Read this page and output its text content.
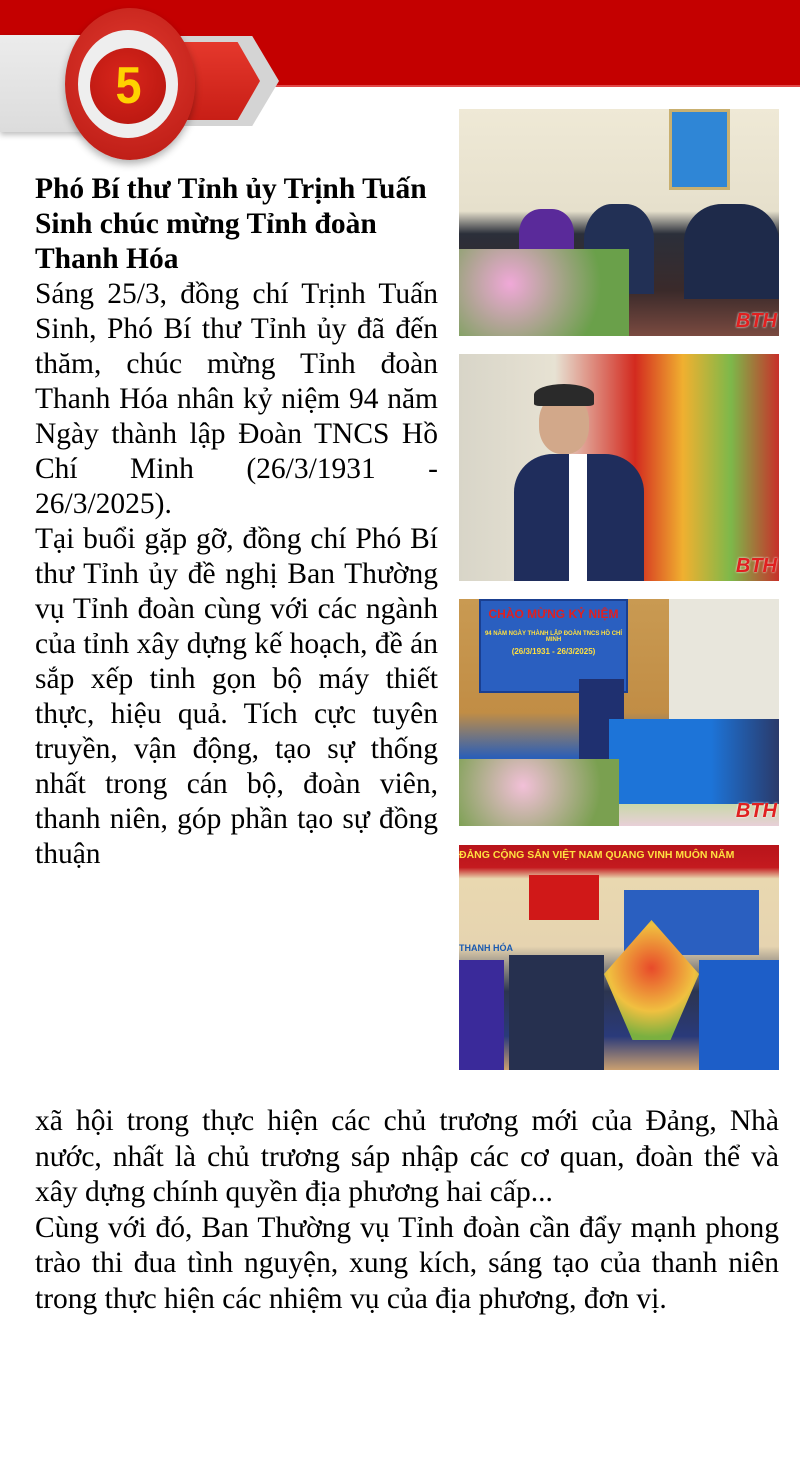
5

Phó Bí thư Tỉnh ủy Trịnh Tuấn Sinh chúc mừng Tỉnh đoàn Thanh Hóa

Sáng 25/3, đồng chí Trịnh Tuấn Sinh, Phó Bí thư Tỉnh ủy đã đến thăm, chúc mừng Tỉnh đoàn Thanh Hóa nhân kỷ niệm 94 năm Ngày thành lập Đoàn TNCS Hồ Chí Minh (26/3/1931 - 26/3/2025).

Tại buổi gặp gỡ, đồng chí Phó Bí thư Tỉnh ủy đề nghị Ban Thường vụ Tỉnh đoàn cùng với các ngành của tỉnh xây dựng kế hoạch, đề án sắp xếp tinh gọn bộ máy thiết thực, hiệu quả. Tích cực tuyên truyền, vận động, tạo sự thống nhất trong cán bộ, đoàn viên, thanh niên, góp phần tạo sự đồng thuận

xã hội trong thực hiện các chủ trương mới của Đảng, Nhà nước, nhất là chủ trương sáp nhập các cơ quan, đoàn thể và xây dựng chính quyền địa phương hai cấp...

Cùng với đó, Ban Thường vụ Tỉnh đoàn cần đẩy mạnh phong trào thi đua tình nguyện, xung kích, sáng tạo của thanh niên trong thực hiện các nhiệm vụ của địa phương, đơn vị.

BTH
BTH
CHÀO MỪNG KỶ NIỆM
94 NĂM NGÀY THÀNH LẬP ĐOÀN TNCS HỒ CHÍ MINH
(26/3/1931 - 26/3/2025)
BTH
ĐẢNG CỘNG SẢN VIỆT NAM QUANG VINH MUÔN NĂM
THANH HÓA
